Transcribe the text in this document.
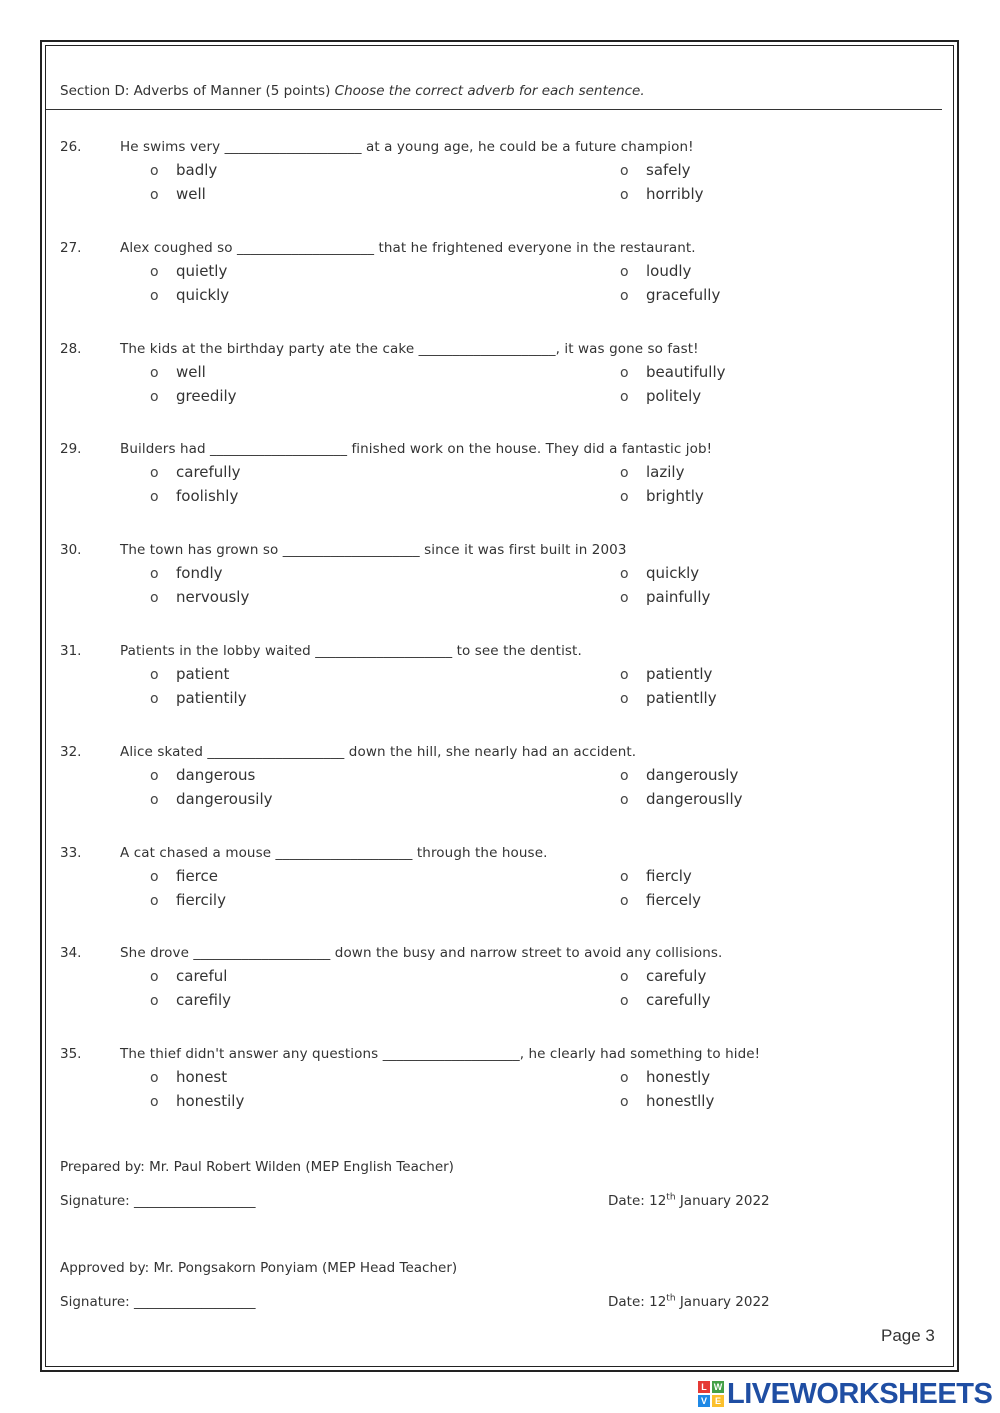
Section D: Adverbs of Manner (5 points) Choose the correct adverb for each sentence.
26.	He swims very ____________________ at a young age, he could be a future champion!
o badly	o safely
o well	o horribly
27.	Alex coughed so ____________________ that he frightened everyone in the restaurant.
o quietly	o loudly
o quickly	o gracefully
28.	The kids at the birthday party ate the cake ____________________, it was gone so fast!
o well	o beautifully
o greedily	o politely
29.	Builders had ____________________ finished work on the house. They did a fantastic job!
o carefully	o lazily
o foolishly	o brightly
30.	The town has grown so ____________________ since it was first built in 2003
o fondly	o quickly
o nervously	o painfully
31.	Patients in the lobby waited ____________________ to see the dentist.
o patient	o patiently
o patientily	o patientlly
32.	Alice skated ____________________ down the hill, she nearly had an accident.
o dangerous	o dangerously
o dangerousily	o dangerouslly
33.	A cat chased a mouse ____________________ through the house.
o fierce	o fiercly
o fiercily	o fiercely
34.	She drove ____________________ down the busy and narrow street to avoid any collisions.
o careful	o carefuly
o carefily	o carefully
35.	The thief didn't answer any questions ____________________, he clearly had something to hide!
o honest	o honestly
o honestily	o honestlly
Prepared by: Mr. Paul Robert Wilden (MEP English Teacher)
Signature: __________________	Date: 12th January 2022
Approved by: Mr. Pongsakorn Ponyiam (MEP Head Teacher)
Signature: __________________	Date: 12th January 2022
Page 3
L W
V E LIVEWORKSHEETS
